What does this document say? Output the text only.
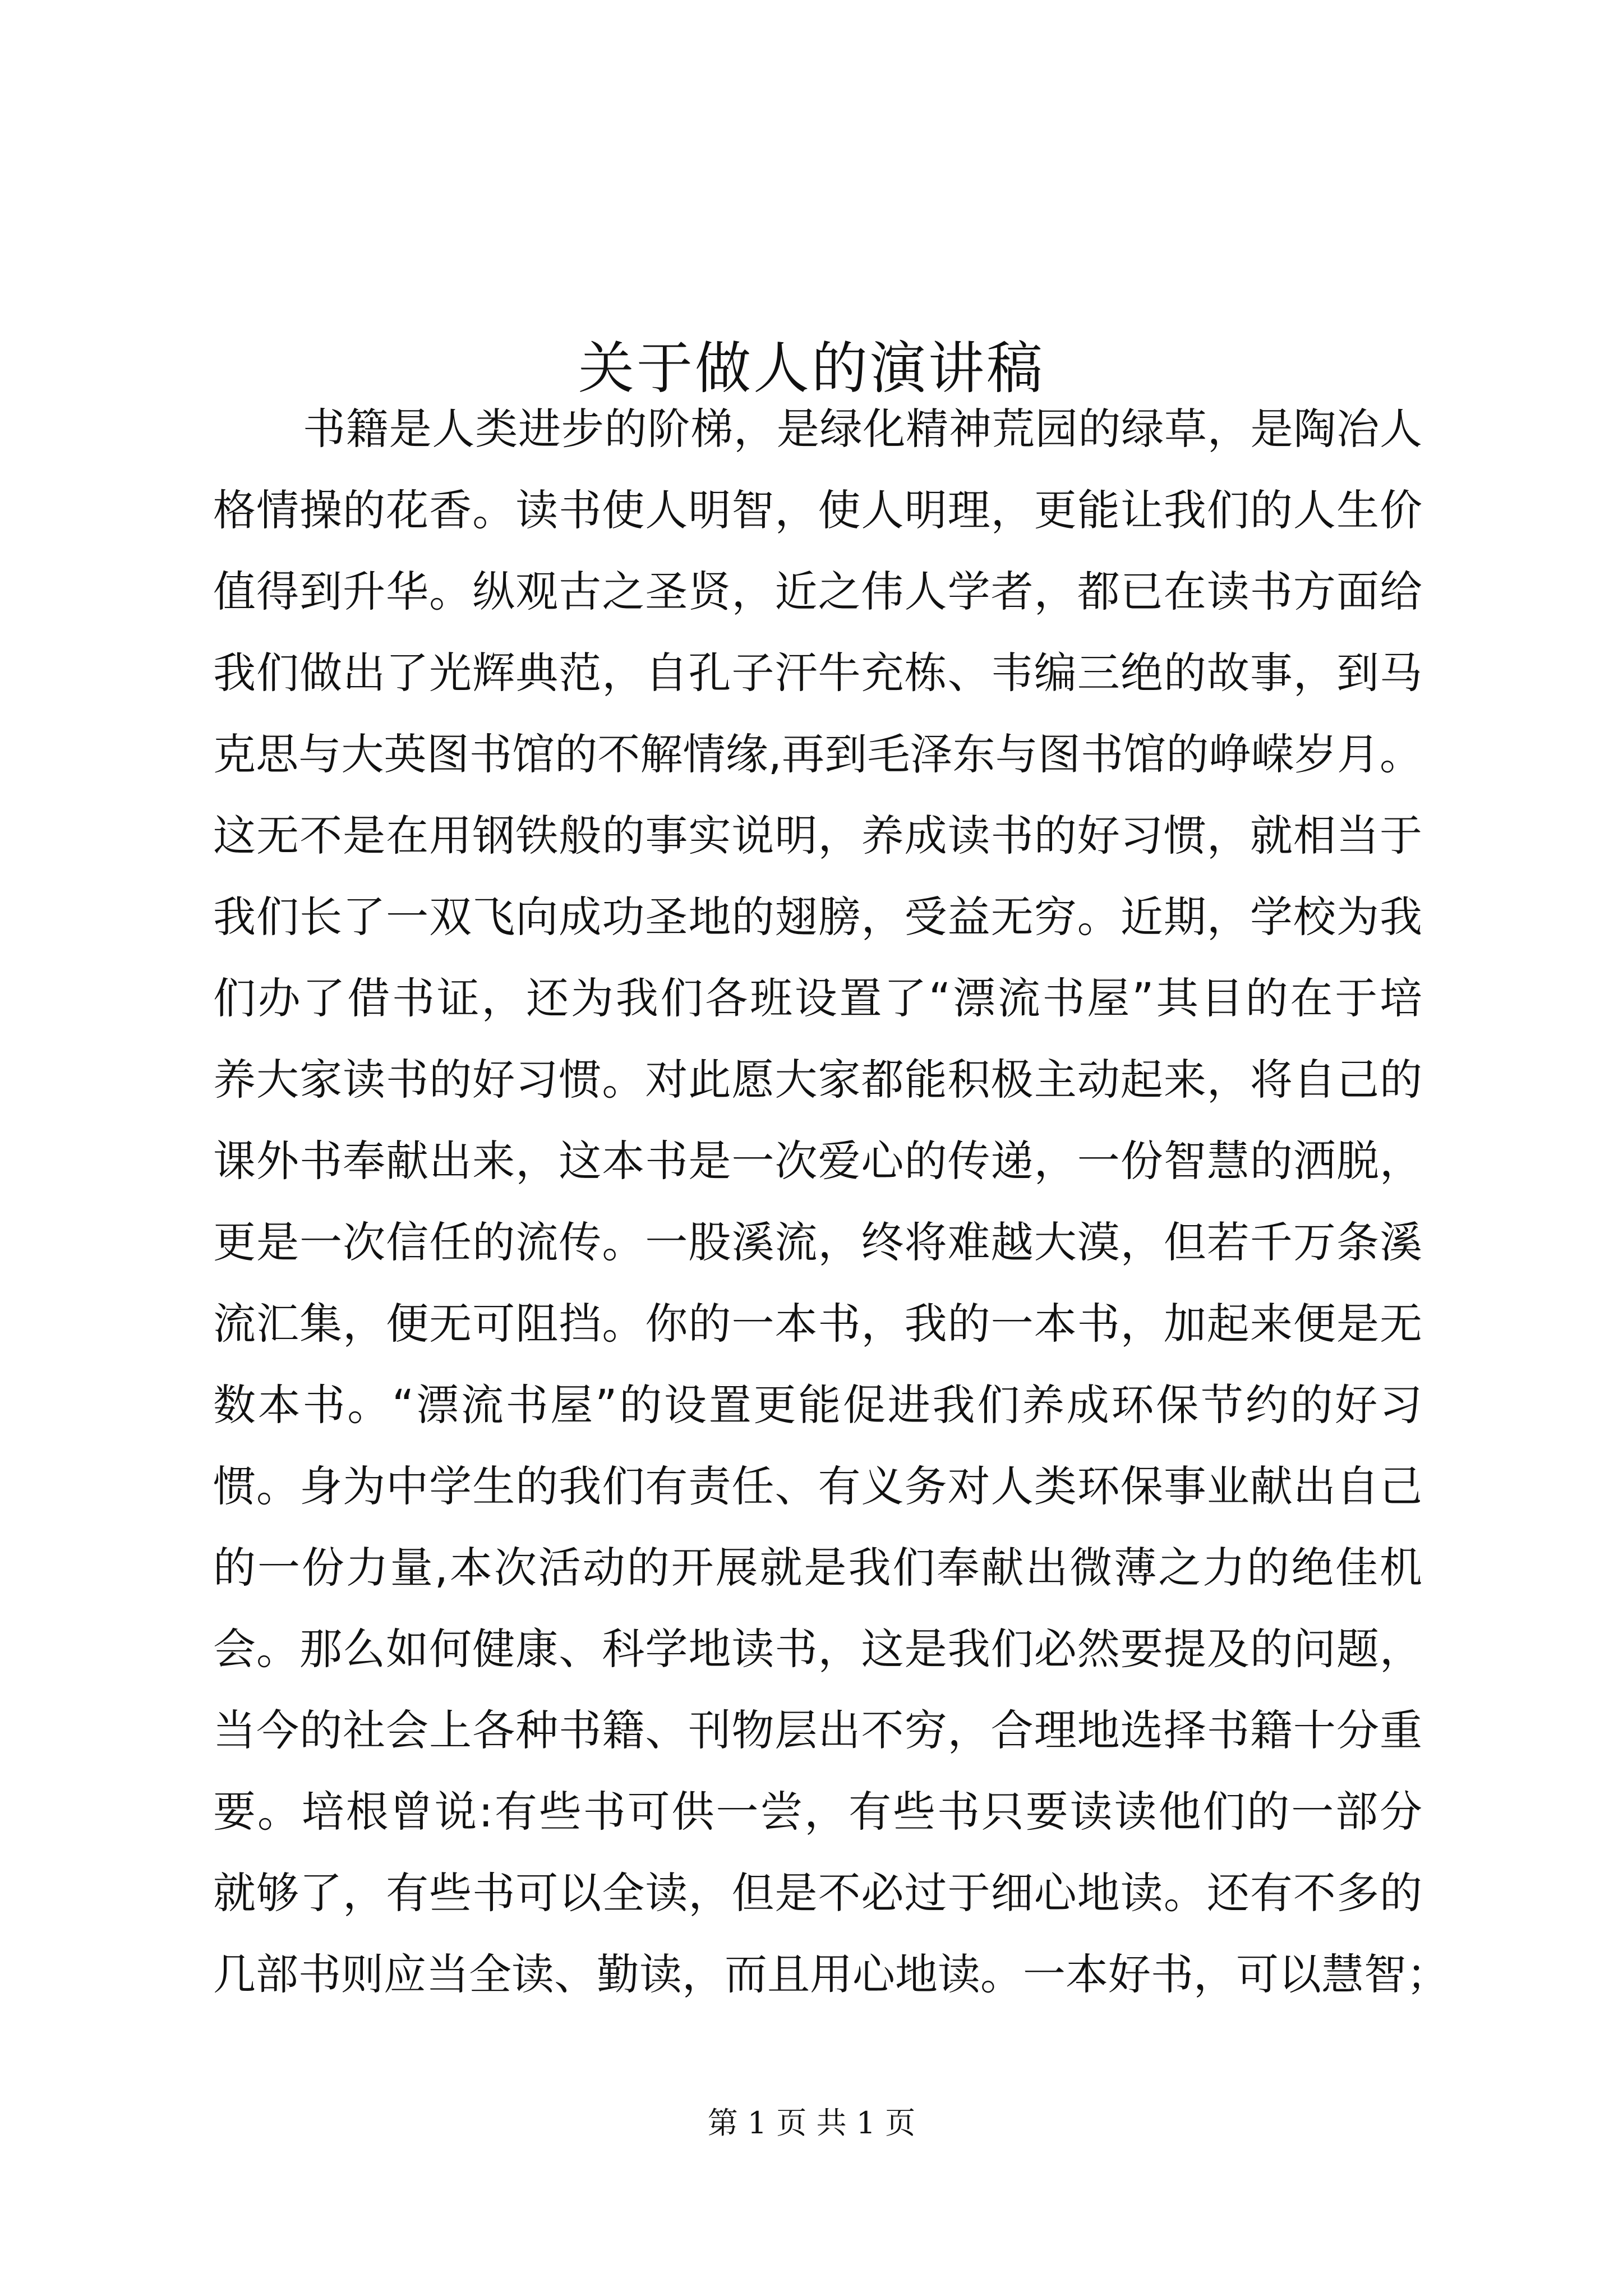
关于做人的演讲稿
书籍是人类进步的阶梯，是绿化精神荒园的绿草，是陶冶人
格情操的花香。读书使人明智，使人明理，更能让我们的人生价
值得到升华。纵观古之圣贤，近之伟人学者，都已在读书方面给
我们做出了光辉典范，自孔子汗牛充栋、韦编三绝的故事，到马
克思与大英图书馆的不解情缘,再到毛泽东与图书馆的峥嵘岁月。
这无不是在用钢铁般的事实说明，养成读书的好习惯，就相当于
我们长了一双飞向成功圣地的翅膀，受益无穷。近期，学校为我
们办了借书证，还为我们各班设置了“漂流书屋”其目的在于培
养大家读书的好习惯。对此愿大家都能积极主动起来，将自己的
课外书奉献出来，这本书是一次爱心的传递，一份智慧的洒脱，
更是一次信任的流传。一股溪流，终将难越大漠，但若千万条溪
流汇集，便无可阻挡。你的一本书，我的一本书，加起来便是无
数本书。“漂流书屋”的设置更能促进我们养成环保节约的好习
惯。身为中学生的我们有责任、有义务对人类环保事业献出自己
的一份力量,本次活动的开展就是我们奉献出微薄之力的绝佳机
会。那么如何健康、科学地读书，这是我们必然要提及的问题，
当今的社会上各种书籍、刊物层出不穷，合理地选择书籍十分重
要。培根曾说:有些书可供一尝，有些书只要读读他们的一部分
就够了，有些书可以全读，但是不必过于细心地读。还有不多的
几部书则应当全读、勤读，而且用心地读。一本好书，可以慧智；
第 1 页 共 1 页
